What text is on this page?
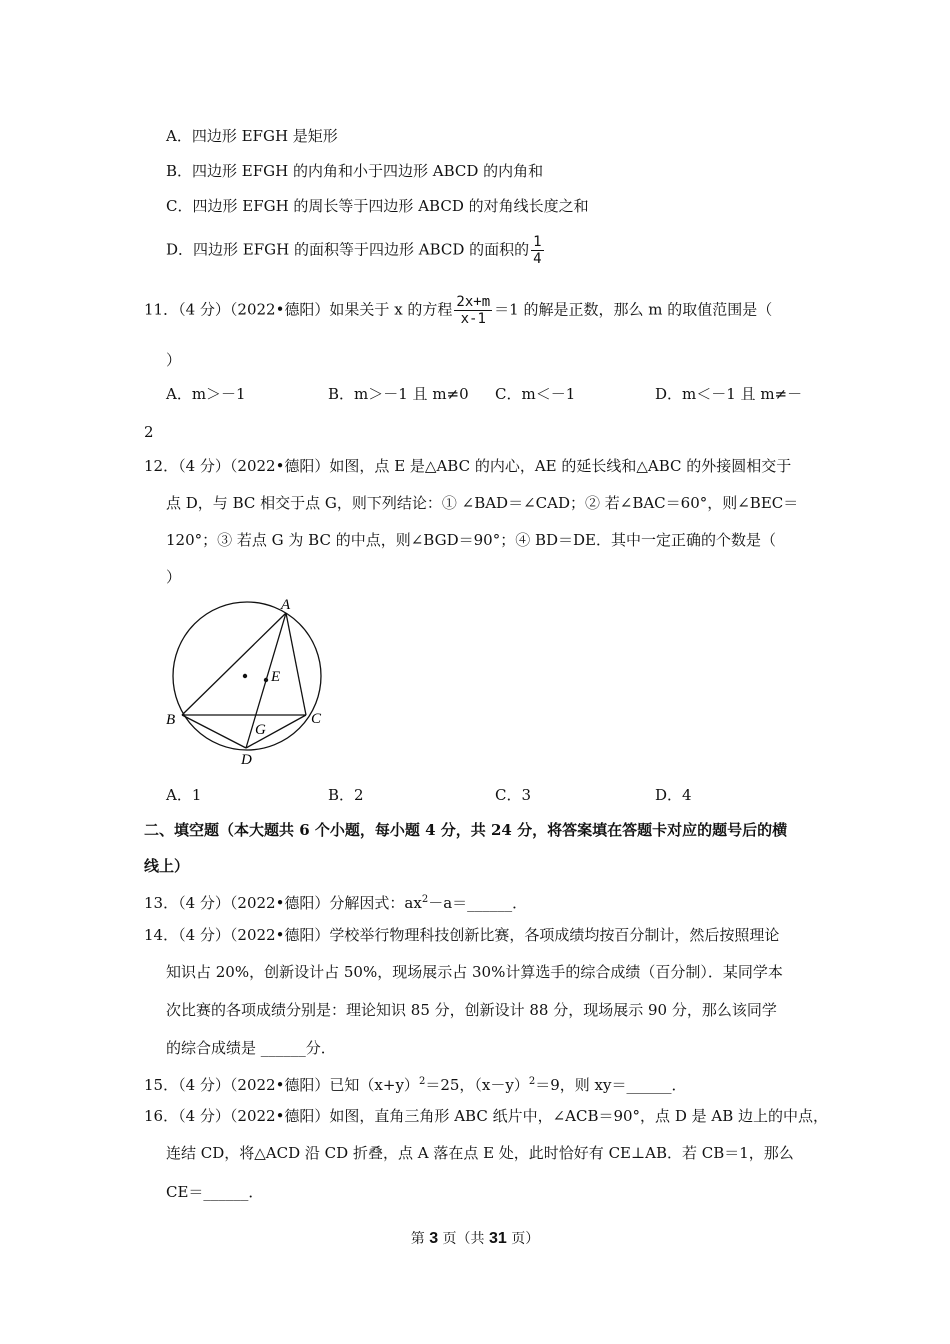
A．四边形 EFGH 是矩形
B．四边形 EFGH 的内角和小于四边形 ABCD 的内角和
C．四边形 EFGH 的周长等于四边形 ABCD 的对角线长度之和
D．四边形 EFGH 的面积等于四边形 ABCD 的面积的 $\frac{1}{4}$
11．（4 分）（2022•德阳）如果关于 x 的方程 $\frac{2x+m}{x-1} =1$ 的解是正数，那么 m 的取值范围是（
）
A．m＞－1	B．m＞－1 且 m≠0 C．m＜－1	D．m＜－1 且 m≠－
2
12．（4 分）（2022•德阳）如图，点 E 是△ABC 的内心，AE 的延长线和△ABC 的外接圆相交于
点 D，与 BC 相交于点 G，则下列结论：① ∠BAD＝∠CAD；② 若∠BAC＝60°，则∠BEC＝
120°；③ 若点 G 为 BC 的中点，则∠BGD＝90°；④ BD＝DE．其中一定正确的个数是（
）
A
B	C
D
E
G
A．1	B．2	C．3	D．4
二、填空题（本大题共 6 个小题，每小题 4 分，共 24 分，将答案填在答题卡对应的题号后的横
线上）
13．（4 分）（2022•德阳）分解因式：$ax^2-a=\_\_\_\_\_\_$．
14．（4 分）（2022•德阳）学校举行物理科技创新比赛，各项成绩均按百分制计，然后按照理论
知识占 20%，创新设计占 50%，现场展示占 30%计算选手的综合成绩（百分制）．某同学本
次比赛的各项成绩分别是：理论知识 85 分，创新设计 88 分，现场展示 90 分，那么该同学
的综合成绩是 ______分．
15．（4 分）（2022•德阳）已知$(x+y)^2=25$，$(x-y)^2=9$，则 xy＝______．
16．（4 分）（2022•德阳）如图，直角三角形 ABC 纸片中，∠ACB＝90°，点 D 是 AB 边上的中点，
连结 CD，将△ACD 沿 CD 折叠，点 A 落在点 E 处，此时恰好有 CE⊥AB．若 CB＝1，那么
CE＝______．
第 3 页（共 31 页）
